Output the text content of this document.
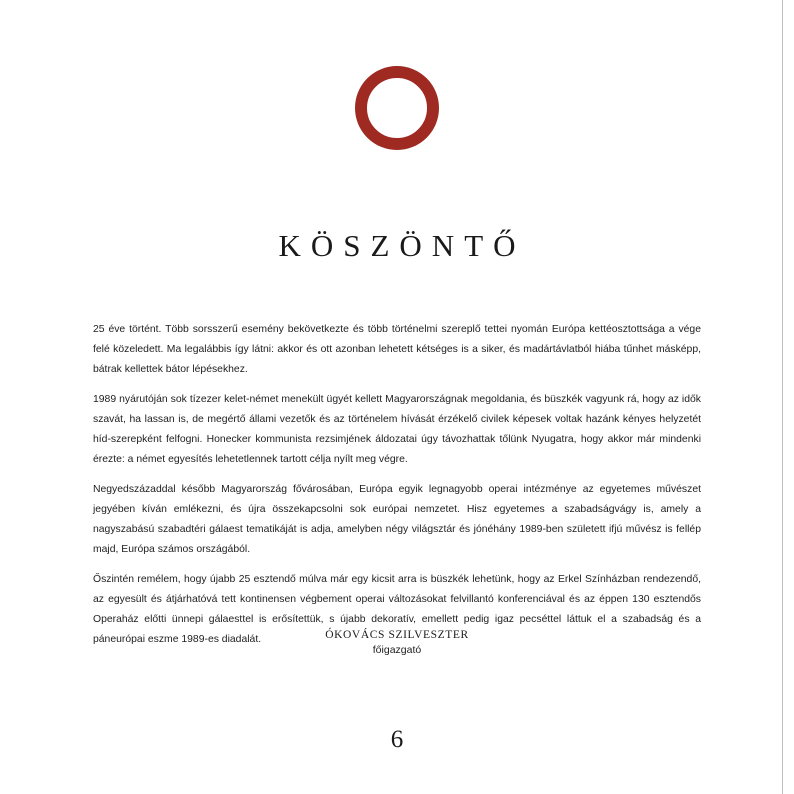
KÖSZÖNTŐ

25 éve történt. Több sorsszerű esemény bekövetkezte és több történelmi szereplő tettei nyomán Európa kettéosztottsága a vége felé közeledett. Ma legalábbis így látni: akkor és ott azonban lehetett kétséges is a siker, és madártávlatból hiába tűnhet másképp, bátrak kellettek bátor lépésekhez.

1989 nyárutóján sok tízezer kelet-német menekült ügyét kellett Magyarországnak megoldania, és büszkék vagyunk rá, hogy az idők szavát, ha lassan is, de megértő állami vezetők és az történelem hívását érzékelő civilek képesek voltak hazánk kényes helyzetét híd-szerepként felfogni. Honecker kommunista rezsimjének áldozatai úgy távozhattak tőlünk Nyugatra, hogy akkor már mindenki érezte: a német egyesítés lehetetlennek tartott célja nyílt meg végre.

Negyedszázaddal később Magyarország fővárosában, Európa egyik legnagyobb operai intézménye az egyetemes művészet jegyében kíván emlékezni, és újra összekapcsolni sok európai nemzetet. Hisz egyetemes a szabadságvágy is, amely a nagyszabású szabadtéri gálaest tematikáját is adja, amelyben négy világsztár és jónéhány 1989-ben született ifjú művész is fellép majd, Európa számos országából.

Őszintén remélem, hogy újabb 25 esztendő múlva már egy kicsit arra is büszkék lehetünk, hogy az Erkel Színházban rendezendő, az egyesült és átjárhatóvá tett kontinensen végbement operai változásokat felvillantó konferenciával és az éppen 130 esztendős Operaház előtti ünnepi gálaesttel is erősítettük, s újabb dekoratív, emellett pedig igaz pecséttel láttuk el a szabadság és a páneurópai eszme 1989-es diadalát.	ÓKOVÁCS SZILVESZTER
főigazgató
6
